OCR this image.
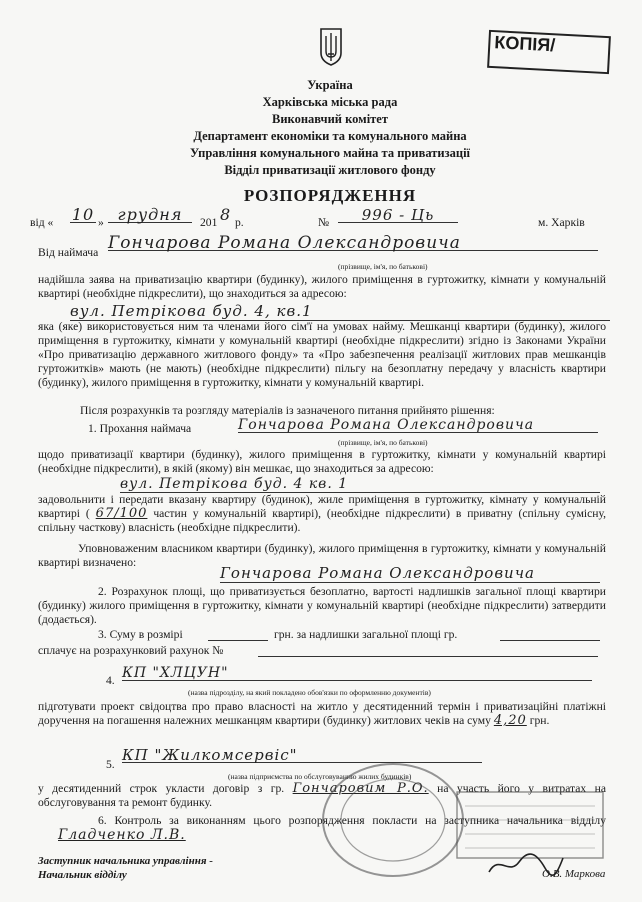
КОПІЯ/
Україна
Харківська міська рада
Виконавчий комітет
Департамент економіки та комунального майна
Управління комунального майна та приватизації
Відділ приватизації житлового фонду
РОЗПОРЯДЖЕННЯ
від « 10 » грудня	201 8 р.	№	996 - Ць	м. Харків
Від наймача Гончарова Романа Олександровича
(прізвище, ім'я, по батькові)
надійшла заява на приватизацію квартири (будинку), жилого приміщення в гуртожитку, кімнати у комунальній квартирі (необхідне підкреслити), що знаходиться за адресою:
вул. Петрікова буд. 4, кв.1
яка (яке) використовується ним та членами його сім'ї на умовах найму. Мешканці квартири (будинку), жилого приміщення в гуртожитку, кімнати у комунальній квартирі (необхідне підкреслити) згідно із Законами України «Про приватизацію державного житлового фонду» та «Про забезпечення реалізації житлових прав мешканців гуртожитків» мають (не мають) (необхідне підкреслити) пільгу на безоплатну передачу у власність квартири (будинку), жилого приміщення в гуртожитку, кімнати у комунальній квартирі.
Після розрахунків та розгляду матеріалів із зазначеного питання прийнято рішення:
1. Прохання наймача	Гончарова Романа Олександровича
(прізвище, ім'я, по батькові)
щодо приватизації квартири (будинку), жилого приміщення в гуртожитку, кімнати у комунальній квартирі (необхідне підкреслити), в якій (якому) він мешкає, що знаходиться за адресою:
вул. Петрікова буд. 4 кв. 1
задовольнити і передати вказану квартиру (будинок), жиле приміщення в гуртожитку, кімнату у комунальній квартирі ( 67/100 частин у комунальній квартирі), (необхідне підкреслити) в приватну (спільну сумісну, спільну часткову) власність (необхідне підкреслити).
Уповноваженим власником квартири (будинку), жилого приміщення в гуртожитку, кімнати у комунальній квартирі визначено:
Гончарова Романа Олександровича
2. Розрахунок площі, що приватизується безоплатно, вартості надлишків загальної площі квартири (будинку) жилого приміщення в гуртожитку, кімнати у комунальній квартирі (необхідне підкреслити) затвердити (додається).
3. Суму в розмірі	грн. за надлишки загальної площі гр.
сплачує на розрахунковий рахунок №
4. КП "ХЛЦУН"
(назва підрозділу, на який покладено обов'язки по оформленню документів)
підготувати проект свідоцтва про право власності на житло у десятиденний термін і приватизаційні платіжні доручення на погашення належних мешканцям квартири (будинку) житлових чеків на суму 4,20 грн.
5.
КП "Жилкомсервіс"
(назва підприємства по обслуговуванню жилих будинків)
у десятиденний строк укласти договір з гр. Гончаровим Р.О. на участь його у витратах на обслуговування та ремонт будинку.
6. Контроль за виконанням цього розпорядження покласти на заступника начальника відділу Гладченко Л.В.
Заступник начальника управління -
Начальник відділу	О.В. Маркова
